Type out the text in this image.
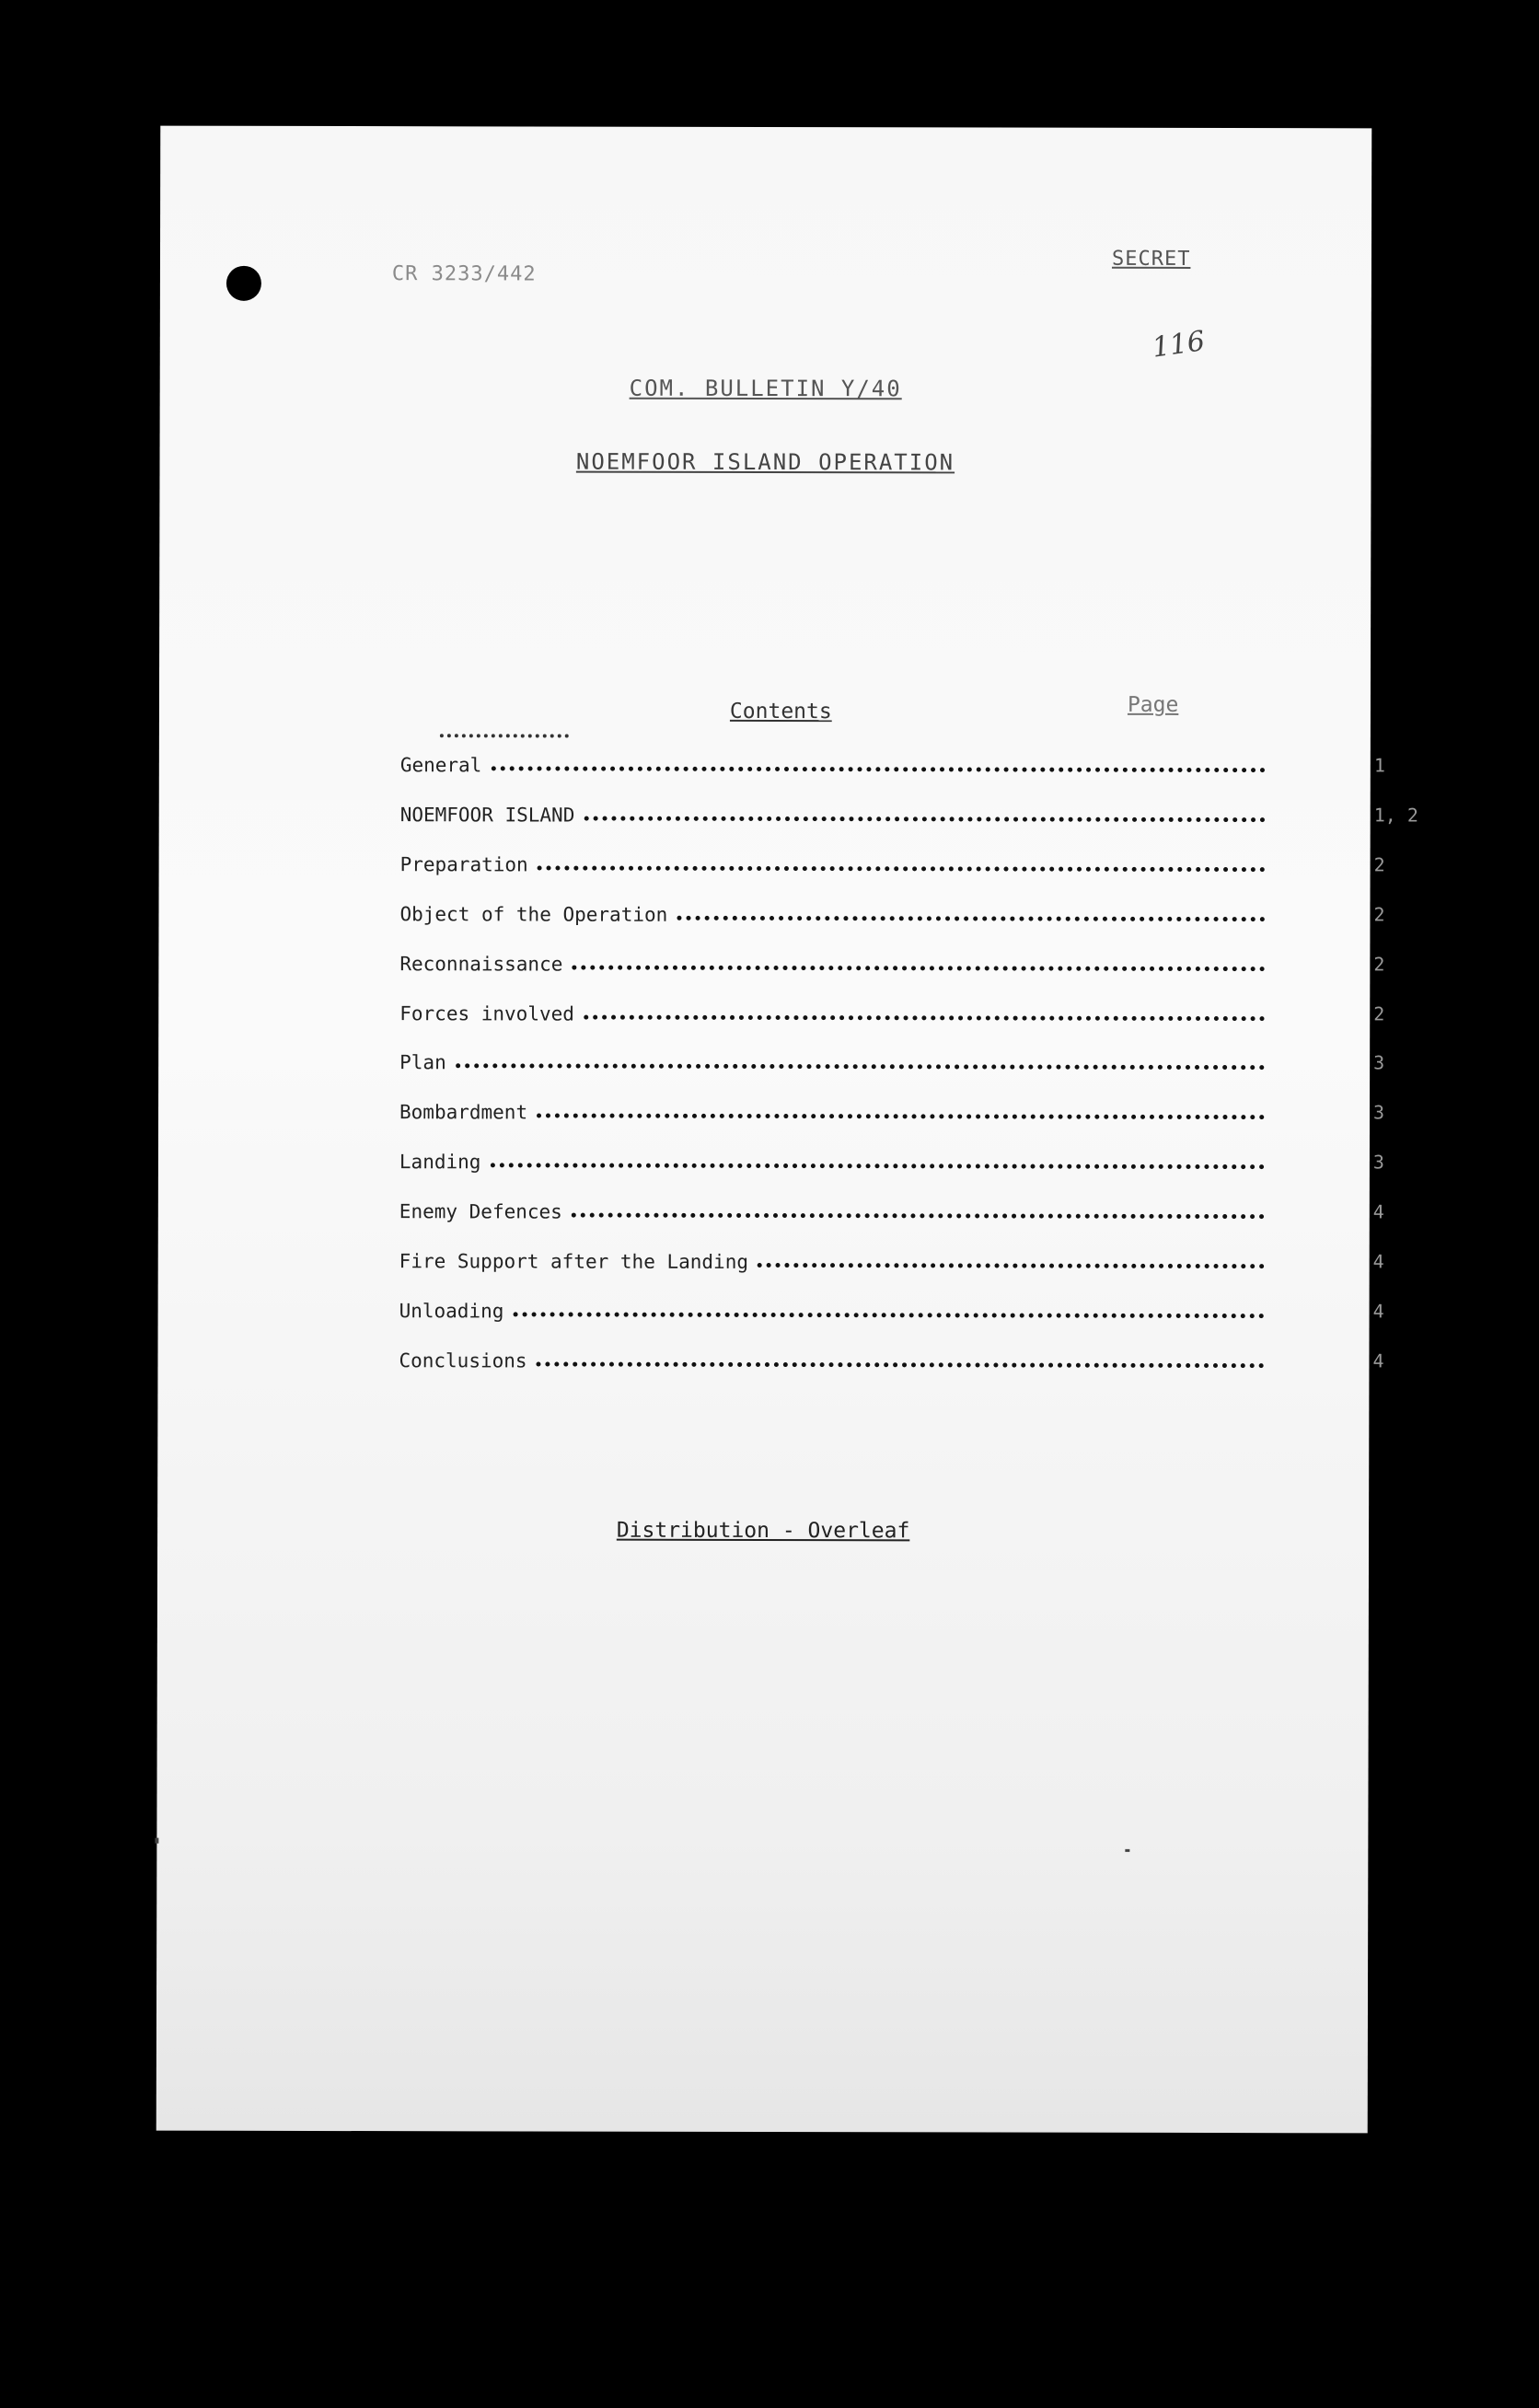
CR 3233/442
SECRET
116
COM. BULLETIN Y/40
NOEMFOOR ISLAND OPERATION
Contents	Page
General	1
NOEMFOOR ISLAND	1, 2
Preparation	2
Object of the Operation	2
Reconnaissance	2
Forces involved	2
Plan	3
Bombardment	3
Landing	3
Enemy Defences	4
Fire Support after the Landing	4
Unloading	4
Conclusions	4
Distribution - Overleaf
